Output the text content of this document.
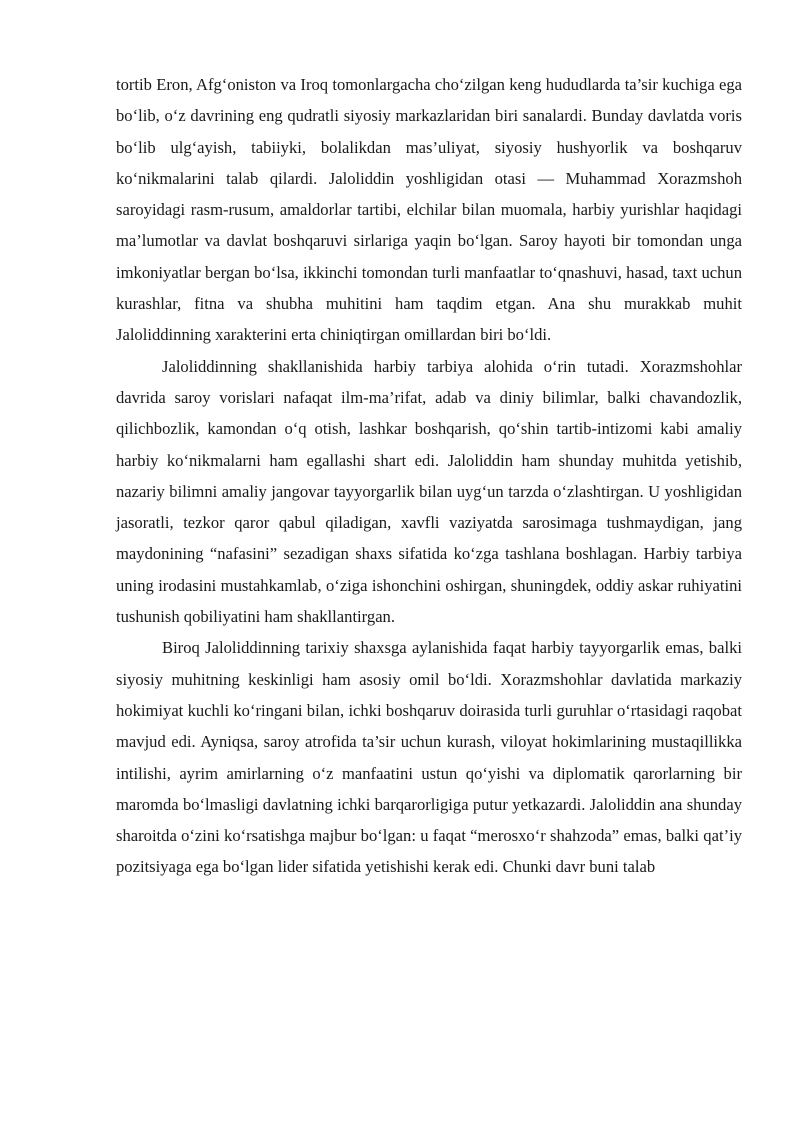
tortib Eron, Afg‘oniston va Iroq tomonlargacha cho‘zilgan keng hududlarda ta’sir kuchiga ega bo‘lib, o‘z davrining eng qudratli siyosiy markazlaridan biri sanalardi. Bunday davlatda voris bo‘lib ulg‘ayish, tabiiyki, bolalikdan mas’uliyat, siyosiy hushyorlik va boshqaruv ko‘nikmalarini talab qilardi. Jaloliddin yoshligidan otasi — Muhammad Xorazmshoh saroyidagi rasm-rusum, amaldorlar tartibi, elchilar bilan muomala, harbiy yurishlar haqidagi ma’lumotlar va davlat boshqaruvi sirlariga yaqin bo‘lgan. Saroy hayoti bir tomondan unga imkoniyatlar bergan bo‘lsa, ikkinchi tomondan turli manfaatlar to‘qnashuvi, hasad, taxt uchun kurashlar, fitna va shubha muhitini ham taqdim etgan. Ana shu murakkab muhit Jaloliddinning xarakterini erta chiniqtirgan omillardan biri bo‘ldi.

Jaloliddinning shakllanishida harbiy tarbiya alohida o‘rin tutadi. Xorazmshohlar davrida saroy vorislari nafaqat ilm-ma’rifat, adab va diniy bilimlar, balki chavandozlik, qilichbozlik, kamondan o‘q otish, lashkar boshqarish, qo‘shin tartib-intizomi kabi amaliy harbiy ko‘nikmalarni ham egallashi shart edi. Jaloliddin ham shunday muhitda yetishib, nazariy bilimni amaliy jangovar tayyorgarlik bilan uyg‘un tarzda o‘zlashtirgan. U yoshligidan jasoratli, tezkor qaror qabul qiladigan, xavfli vaziyatda sarosimaga tushmaydigan, jang maydonining “nafasini” sezadigan shaxs sifatida ko‘zga tashlana boshlagan. Harbiy tarbiya uning irodasini mustahkamlab, o‘ziga ishonchini oshirgan, shuningdek, oddiy askar ruhiyatini tushunish qobiliyatini ham shakllantirgan.

Biroq Jaloliddinning tarixiy shaxsga aylanishida faqat harbiy tayyorgarlik emas, balki siyosiy muhitning keskinligi ham asosiy omil bo‘ldi. Xorazmshohlar davlatida markaziy hokimiyat kuchli ko‘ringani bilan, ichki boshqaruv doirasida turli guruhlar o‘rtasidagi raqobat mavjud edi. Ayniqsa, saroy atrofida ta’sir uchun kurash, viloyat hokimlarining mustaqillikka intilishi, ayrim amirlarning o‘z manfaatini ustun qo‘yishi va diplomatik qarorlarning bir maromda bo‘lmasligi davlatning ichki barqarorligiga putur yetkazardi. Jaloliddin ana shunday sharoitda o‘zini ko‘rsatishga majbur bo‘lgan: u faqat “merosxo‘r shahzoda” emas, balki qat’iy pozitsiyaga ega bo‘lgan lider sifatida yetishishi kerak edi. Chunki davr buni talab
